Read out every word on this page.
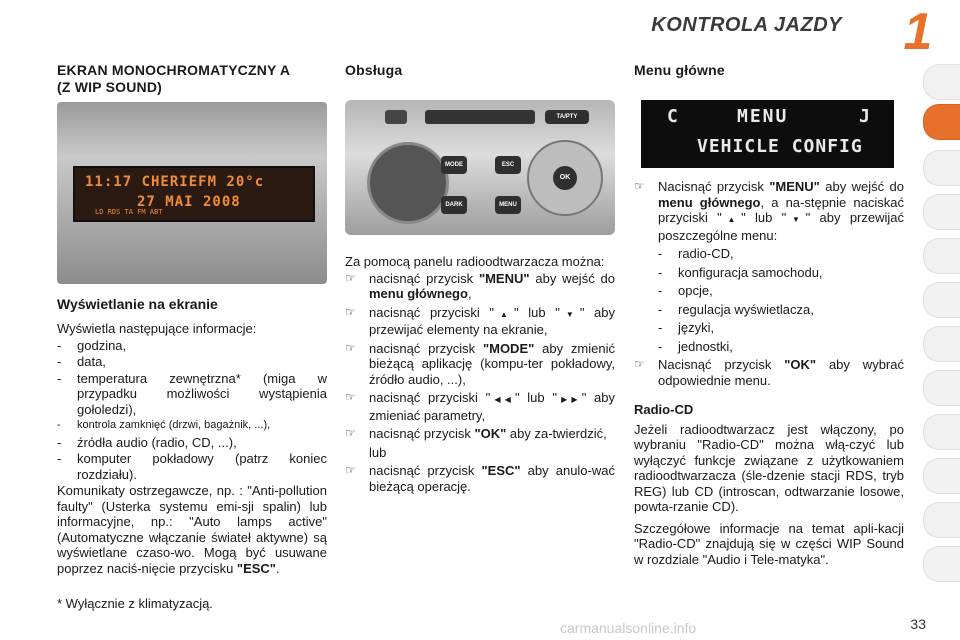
KONTROLA JAZDY 1
EKRAN MONOCHROMATYCZNY A
(Z WIP SOUND)
11:17 CHERIEFM 20°c
27 MAI 2008
LD RDS TA FM ABT
Wyświetlanie na ekranie

Wyświetla następujące informacje:

-	godzina,
-	data,
-	temperatura zewnętrzna* (miga w przypadku możliwości wystąpienia gołoledzi),
-	kontrola zamknięć (drzwi, bagażnik, ...),
-	źródła audio (radio, CD, ...),
-	komputer pokładowy (patrz koniec rozdziału).

Komunikaty ostrzegawcze, np. : "Anti-pollution faulty" (Usterka systemu emi-sji spalin) lub informacyjne, np.: "Auto lamps active" (Automatyczne włączanie świateł aktywne) są wyświetlane czaso-wo. Mogą być usuwane poprzez naciś-nięcie przycisku "ESC".

* Wyłącznie z klimatyzacją.

Obsługa
TA/PTY
MODE
DARK
ESC
MENU
OK

Za pomocą panelu radioodtwarzacza można:

☞	nacisnąć przycisk "MENU" aby wejść do menu głównego,
☞	nacisnąć przyciski "▲" lub "▼" aby przewijać elementy na ekranie,
☞	nacisnąć przycisk "MODE" aby zmienić bieżącą aplikację (kompu-ter pokładowy, źródło audio, ...),
☞	nacisnąć przyciski "◀◀" lub "▶▶" aby zmieniać parametry,
☞	nacisnąć przycisk "OK" aby za-twierdzić,

lub

☞	nacisnąć przycisk "ESC" aby anulo-wać bieżącą operację.
Menu główne
C	MENU	J
VEHICLE CONFIG
☞	Nacisnąć przycisk "MENU" aby wejść do menu głównego, a na-stępnie naciskać przyciski "▲" lub "▼" aby przewijać poszczególne menu:
-	radio-CD,
-	konfiguracja samochodu,
-	opcje,
-	regulacja wyświetlacza,
-	języki,
-	jednostki,
☞	Nacisnąć przycisk "OK" aby wybrać odpowiednie menu.
Radio-CD

Jeżeli radioodtwarzacz jest włączony, po wybraniu "Radio-CD" można włą-czyć lub wyłączyć funkcje związane z użytkowaniem radioodtwarzacza (śle-dzenie stacji RDS, tryb REG) lub CD (introscan, odtwarzanie losowe, powta-rzanie CD).

Szczegółowe informacje na temat apli-kacji "Radio-CD" znajdują się w części WIP Sound w rozdziale "Audio i Tele-matyka".

carmanualsonline.info	33
